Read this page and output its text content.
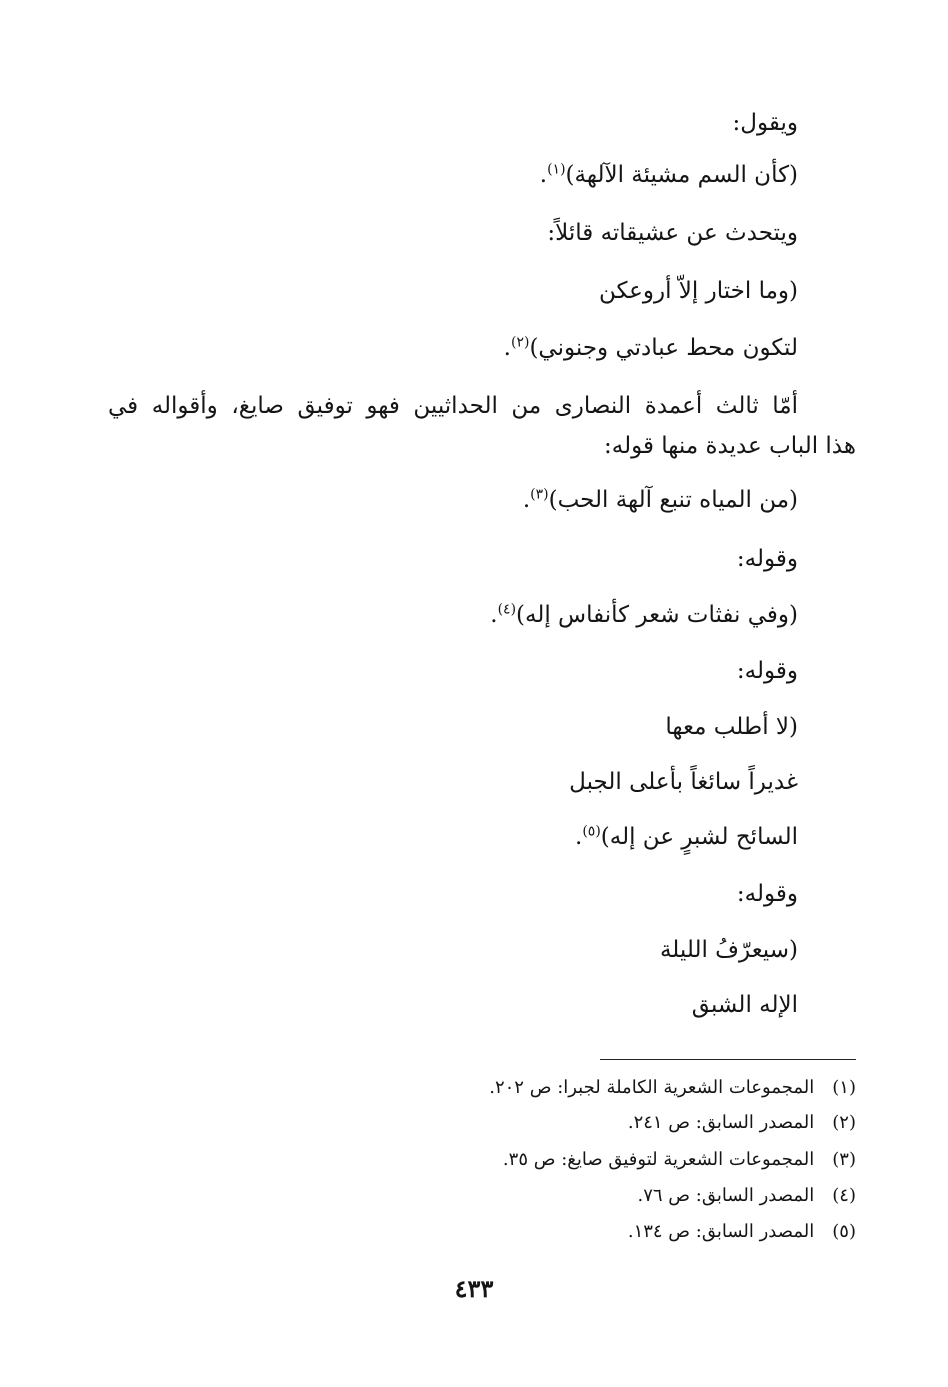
ويقول:
(كأن السم مشيئة الآلهة)$^{(١)}$.
ويتحدث عن عشيقاته قائلاً:
(وما اختار إلاّ أروعكن
لتكون محط عبادتي وجنوني)$^{(٢)}$.
أمّا ثالث أعمدة النصارى من الحداثيين فهو توفيق صايغ، وأقواله في
هذا الباب عديدة منها قوله:
(من المياه تنبع آلهة الحب)$^{(٣)}$.
وقوله:
(وفي نفثات شعر كأنفاس إله)$^{(٤)}$.
وقوله:
(لا أطلب معها
غديراً سائغاً بأعلى الجبل
السائح لشبرٍ عن إله)$^{(٥)}$.
وقوله:
(سيعرّفُ الليلة
الإله الشبق
(١) المجموعات الشعرية الكاملة لجبرا: ص ٢٠٢.
(٢) المصدر السابق: ص ٢٤١.
(٣) المجموعات الشعرية لتوفيق صايغ: ص ٣٥.
(٤) المصدر السابق: ص ٧٦.
(٥) المصدر السابق: ص ١٣٤.
٤٣٣
